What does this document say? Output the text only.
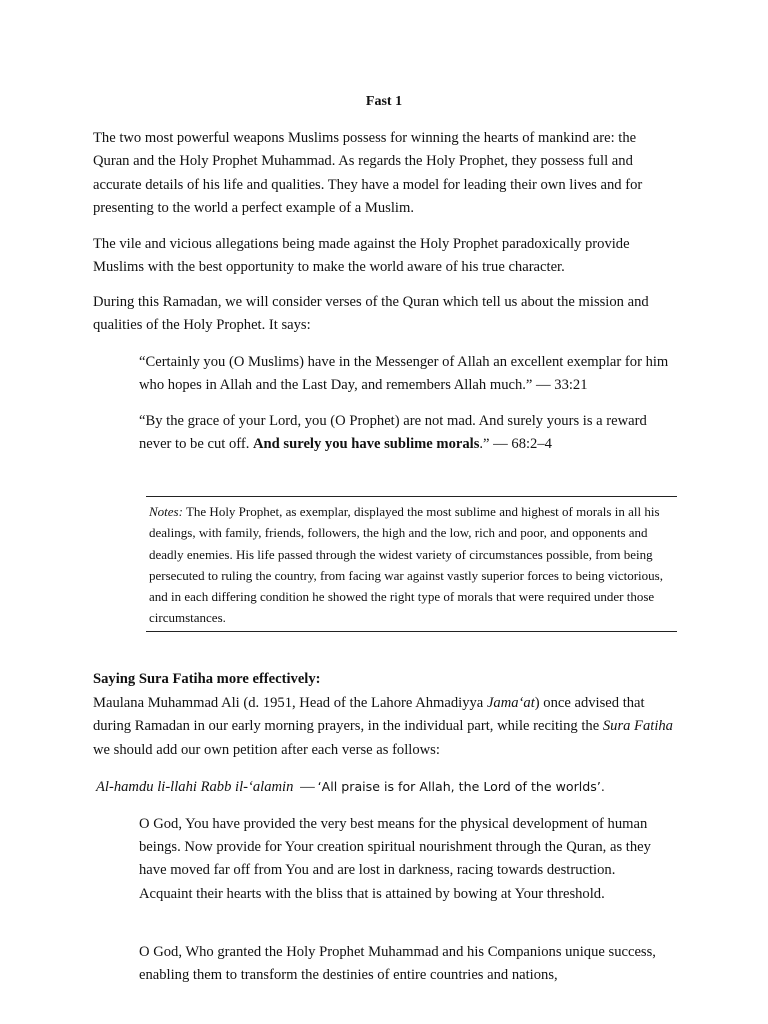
Fast 1

The two most powerful weapons Muslims possess for winning the hearts of mankind are: the Quran and the Holy Prophet Muhammad. As regards the Holy Prophet, they possess full and accurate details of his life and qualities. They have a model for leading their own lives and for presenting to the world a perfect example of a Muslim.

The vile and vicious allegations being made against the Holy Prophet paradoxically provide Muslims with the best opportunity to make the world aware of his true character.

During this Ramadan, we will consider verses of the Quran which tell us about the mission and qualities of the Holy Prophet. It says:

“Certainly you (O Muslims) have in the Messenger of Allah an excellent exemplar for him who hopes in Allah and the Last Day, and remembers Allah much.” — 33:21

“By the grace of your Lord, you (O Prophet) are not mad. And surely yours is a reward never to be cut off. And surely you have sublime morals.” — 68:2–4

Notes: The Holy Prophet, as exemplar, displayed the most sublime and highest of morals in all his dealings, with family, friends, followers, the high and the low, rich and poor, and opponents and deadly enemies. His life passed through the widest variety of circumstances possible, from being persecuted to ruling the country, from facing war against vastly superior forces to being victorious, and in each differing condition he showed the right type of morals that were required under those circumstances.
Saying Sura Fatiha more effectively:

Maulana Muhammad Ali (d. 1951, Head of the Lahore Ahmadiyya Jama‘at) once advised that during Ramadan in our early morning prayers, in the individual part, while reciting the Sura Fatiha we should add our own petition after each verse as follows:

Al-hamdu li-llahi Rabb il-‘alamin — ‘All praise is for Allah, the Lord of the worlds’.

O God, You have provided the very best means for the physical development of human beings. Now provide for Your creation spiritual nourishment through the Quran, as they have moved far off from You and are lost in darkness, racing towards destruction. Acquaint their hearts with the bliss that is attained by bowing at Your threshold.

O God, Who granted the Holy Prophet Muhammad and his Companions unique success, enabling them to transform the destinies of entire countries and nations,
